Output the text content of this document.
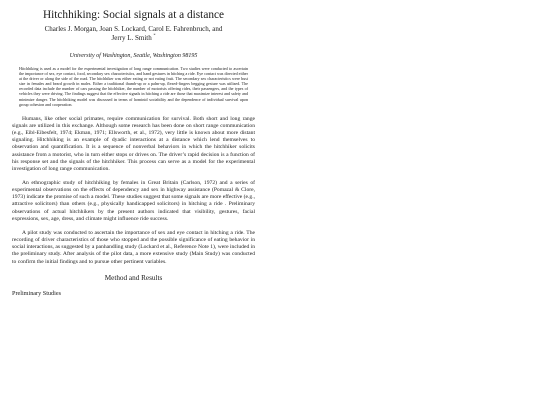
Hitchhiking: Social signals at a distance
Charles J. Morgan, Joan S. Lockard, Carol E. Fahrenbruch, and
Jerry L. Smith *
University of Washington, Seattle, Washington 98195

Hitchhiking is used as a model for the experimental investigation of long range communication. Two studies were conducted to ascertain the importance of sex, eye contact, food, secondary sex characteristics, and hand gestures in hitching a ride. Eye contact was directed either at the driver or along the side of the road. The hitchhiker was either eating or not eating fruit. The secondary sex characteristics were bust size in females and beard growth in males. Either a traditional thumb-up or a palm-up, flexed-fingers begging gesture was utilized. The recorded data include the number of cars passing the hitchhiker, the number of motorists offering rides, their passengers, and the types of vehicles they were driving. The findings suggest that the effective signals in hitching a ride are those that maximize interest and safety and minimize danger. The hitchhiking model was discussed in terms of hominid sociability and the dependence of individual survival upon group cohesion and cooperation.

Humans, like other social primates, require communication for survival. Both short and long range signals are utilized in this exchange. Although some research has been done on short range communication (e.g., Eibl-Eibesfelt, 1974; Ekman, 1971; Ellsworth, et al., 1972), very little is known about more distant signaling. Hitchhiking is an example of dyadic interactions at a distance which lend themselves to observation and quantification. It is a sequence of nonverbal behaviors in which the hitchhiker solicits assistance from a motorist, who in turn either stops or drives on. The driver’s rapid decision is a function of his response set and the signals of the hitchhiker. This process can serve as a model for the experimental investigation of long range communication.

An ethnographic study of hitchhiking by females in Great Britain (Carlson, 1972) and a series of experimental observations on the effects of dependency and sex in highway assistance (Pomazal & Clore, 1973) indicate the promise of such a model. These studies suggest that some signals are more effective (e.g., attractive solicitors) than others (e.g., physically handicapped solicitors) in hitching a ride . Preliminary observations of actual hitchhikers by the present authors indicated that visibility, gestures, facial expressions, sex, age, dress, and climate might influence ride success.

A pilot study was conducted to ascertain the importance of sex and eye contact in hitching a ride. The recording of driver characteristics of those who stopped and the possible significance of eating behavior in social interactions, as suggested by a panhandling study (Lockard et al., Reference Note 1), were included in the preliminary study. After analysis of the pilot data, a more extensive study (Main Study) was conducted to confirm the initial findings and to pursue other pertinent variables.

Method and Results
Preliminary Studies
